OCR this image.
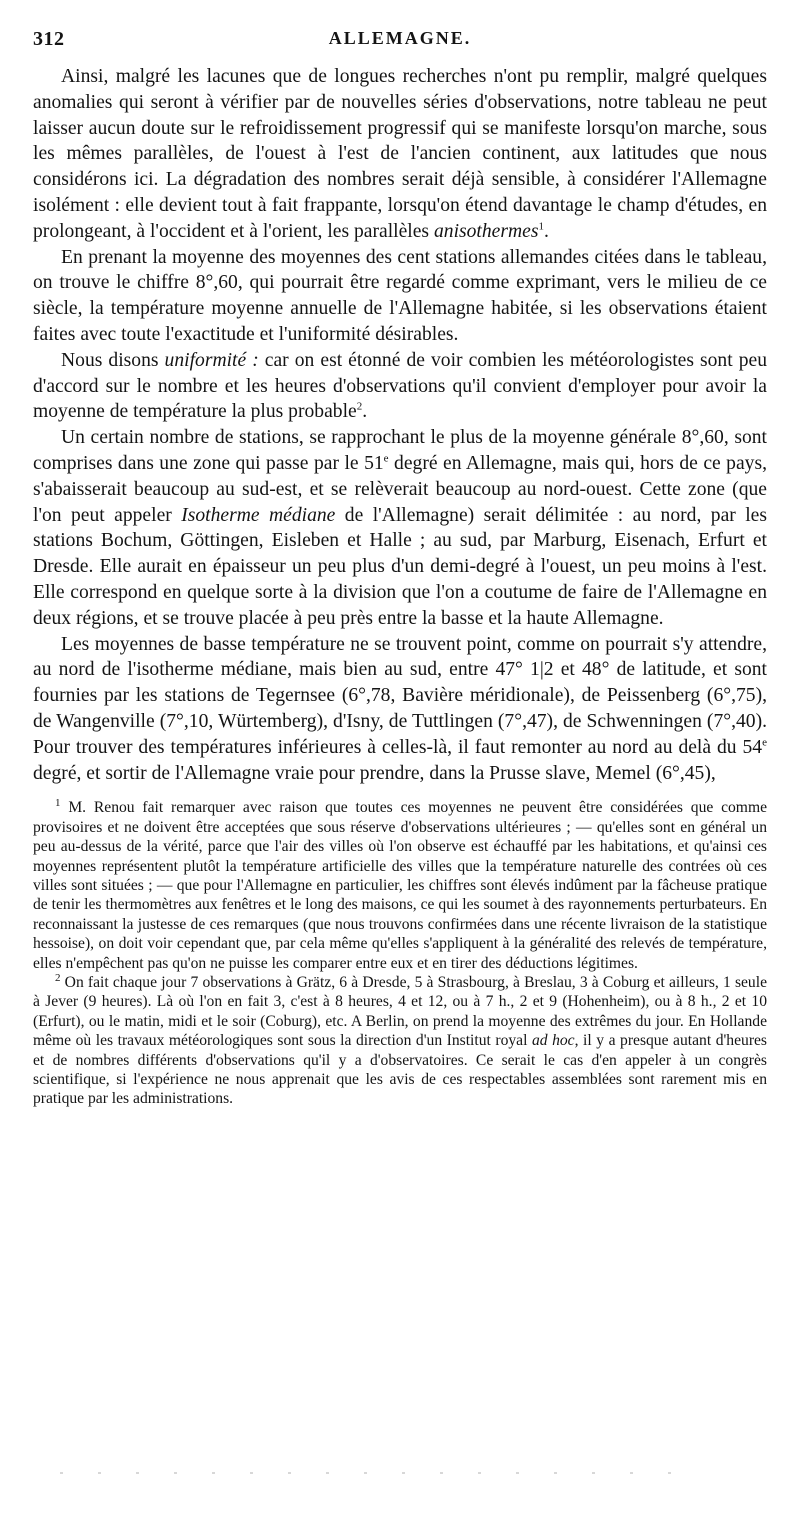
312	ALLEMAGNE.

Ainsi, malgré les lacunes que de longues recherches n'ont pu remplir, malgré quelques anomalies qui seront à vérifier par de nouvelles séries d'observations, notre tableau ne peut laisser aucun doute sur le refroidissement progressif qui se manifeste lorsqu'on marche, sous les mêmes parallèles, de l'ouest à l'est de l'ancien continent, aux latitudes que nous considérons ici. La dégradation des nombres serait déjà sensible, à considérer l'Allemagne isolément : elle devient tout à fait frappante, lorsqu'on étend davantage le champ d'études, en prolongeant, à l'occident et à l'orient, les parallèles anisothermes$^1$.

En prenant la moyenne des moyennes des cent stations allemandes citées dans le tableau, on trouve le chiffre 8°,60, qui pourrait être regardé comme exprimant, vers le milieu de ce siècle, la température moyenne annuelle de l'Allemagne habitée, si les observations étaient faites avec toute l'exactitude et l'uniformité désirables.

Nous disons uniformité : car on est étonné de voir combien les météorologistes sont peu d'accord sur le nombre et les heures d'observations qu'il convient d'employer pour avoir la moyenne de température la plus probable$^2$.

Un certain nombre de stations, se rapprochant le plus de la moyenne générale 8°,60, sont comprises dans une zone qui passe par le 51e degré en Allemagne, mais qui, hors de ce pays, s'abaisserait beaucoup au sud-est, et se relèverait beaucoup au nord-ouest. Cette zone (que l'on peut appeler Isotherme médiane de l'Allemagne) serait délimitée : au nord, par les stations Bochum, Göttingen, Eisleben et Halle ; au sud, par Marburg, Eisenach, Erfurt et Dresde. Elle aurait en épaisseur un peu plus d'un demi-degré à l'ouest, un peu moins à l'est. Elle correspond en quelque sorte à la division que l'on a coutume de faire de l'Allemagne en deux régions, et se trouve placée à peu près entre la basse et la haute Allemagne.

Les moyennes de basse température ne se trouvent point, comme on pourrait s'y attendre, au nord de l'isotherme médiane, mais bien au sud, entre 47° 1|2 et 48° de latitude, et sont fournies par les stations de Tegernsee (6°,78, Bavière méridionale), de Peissenberg (6°,75), de Wangenville (7°,10, Würtemberg), d'Isny, de Tuttlingen (7°,47), de Schwenningen (7°,40). Pour trouver des températures inférieures à celles-là, il faut remonter au nord au delà du 54e degré, et sortir de l'Allemagne vraie pour prendre, dans la Prusse slave, Memel (6°,45),

$^1$ M. Renou fait remarquer avec raison que toutes ces moyennes ne peuvent être considérées que comme provisoires et ne doivent être acceptées que sous réserve d'observations ultérieures ; — qu'elles sont en général un peu au-dessus de la vérité, parce que l'air des villes où l'on observe est échauffé par les habitations, et qu'ainsi ces moyennes représentent plutôt la température artificielle des villes que la température naturelle des contrées où ces villes sont situées ; — que pour l'Allemagne en particulier, les chiffres sont élevés indûment par la fâcheuse pratique de tenir les thermomètres aux fenêtres et le long des maisons, ce qui les soumet à des rayonnements perturbateurs. En reconnaissant la justesse de ces remarques (que nous trouvons confirmées dans une récente livraison de la statistique hessoise), on doit voir cependant que, par cela même qu'elles s'appliquent à la généralité des relevés de température, elles n'empêchent pas qu'on ne puisse les comparer entre eux et en tirer des déductions légitimes.

$^2$ On fait chaque jour 7 observations à Grätz, 6 à Dresde, 5 à Strasbourg, à Breslau, 3 à Coburg et ailleurs, 1 seule à Jever (9 heures). Là où l'on en fait 3, c'est à 8 heures, 4 et 12, ou à 7 h., 2 et 9 (Hohenheim), ou à 8 h., 2 et 10 (Erfurt), ou le matin, midi et le soir (Coburg), etc. A Berlin, on prend la moyenne des extrêmes du jour. En Hollande même où les travaux météorologiques sont sous la direction d'un Institut royal ad hoc, il y a presque autant d'heures et de nombres différents d'observations qu'il y a d'observatoires. Ce serait le cas d'en appeler à un congrès scientifique, si l'expérience ne nous apprenait que les avis de ces respectables assemblées sont rarement mis en pratique par les administrations.
